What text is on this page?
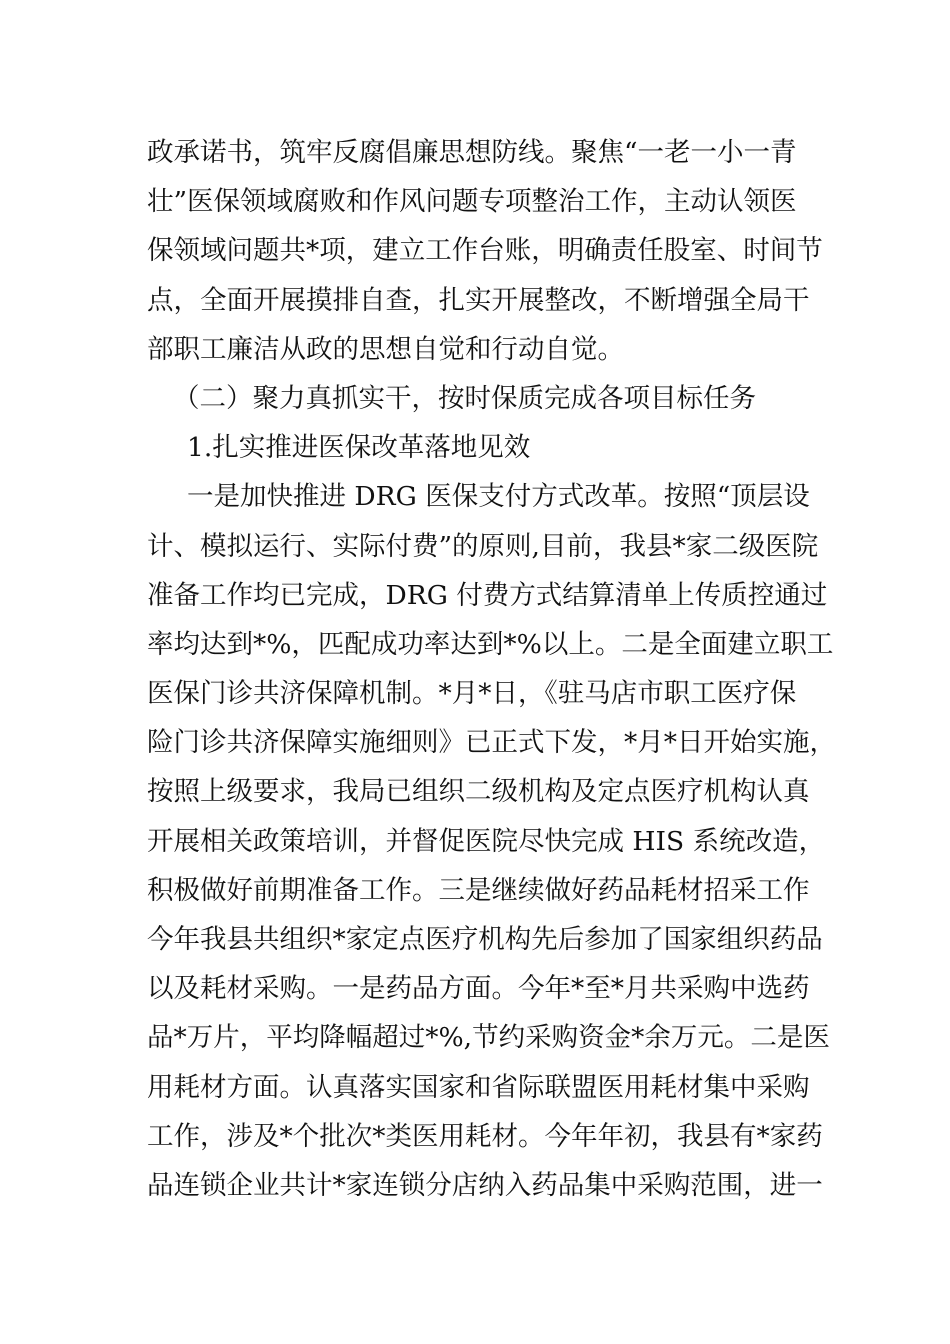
政承诺书，筑牢反腐倡廉思想防线。聚焦“一老一小一青
壮”医保领域腐败和作风问题专项整治工作，主动认领医
保领域问题共*项，建立工作台账，明确责任股室、时间节
点，全面开展摸排自查，扎实开展整改，不断增强全局干
部职工廉洁从政的思想自觉和行动自觉。
（二）聚力真抓实干，按时保质完成各项目标任务
1.扎实推进医保改革落地见效
一是加快推进 DRG 医保支付方式改革。按照“顶层设
计、模拟运行、实际付费”的原则,目前，我县*家二级医院
准备工作均已完成，DRG 付费方式结算清单上传质控通过
率均达到*%，匹配成功率达到*%以上。二是全面建立职工
医保门诊共济保障机制。*月*日，《驻马店市职工医疗保
险门诊共济保障实施细则》已正式下发，*月*日开始实施，
按照上级要求，我局已组织二级机构及定点医疗机构认真
开展相关政策培训，并督促医院尽快完成 HIS 系统改造，
积极做好前期准备工作。三是继续做好药品耗材招采工作
今年我县共组织*家定点医疗机构先后参加了国家组织药品
以及耗材采购。一是药品方面。今年*至*月共采购中选药
品*万片，平均降幅超过*%,节约采购资金*余万元。二是医
用耗材方面。认真落实国家和省际联盟医用耗材集中采购
工作，涉及*个批次*类医用耗材。今年年初，我县有*家药
品连锁企业共计*家连锁分店纳入药品集中采购范围，进一
